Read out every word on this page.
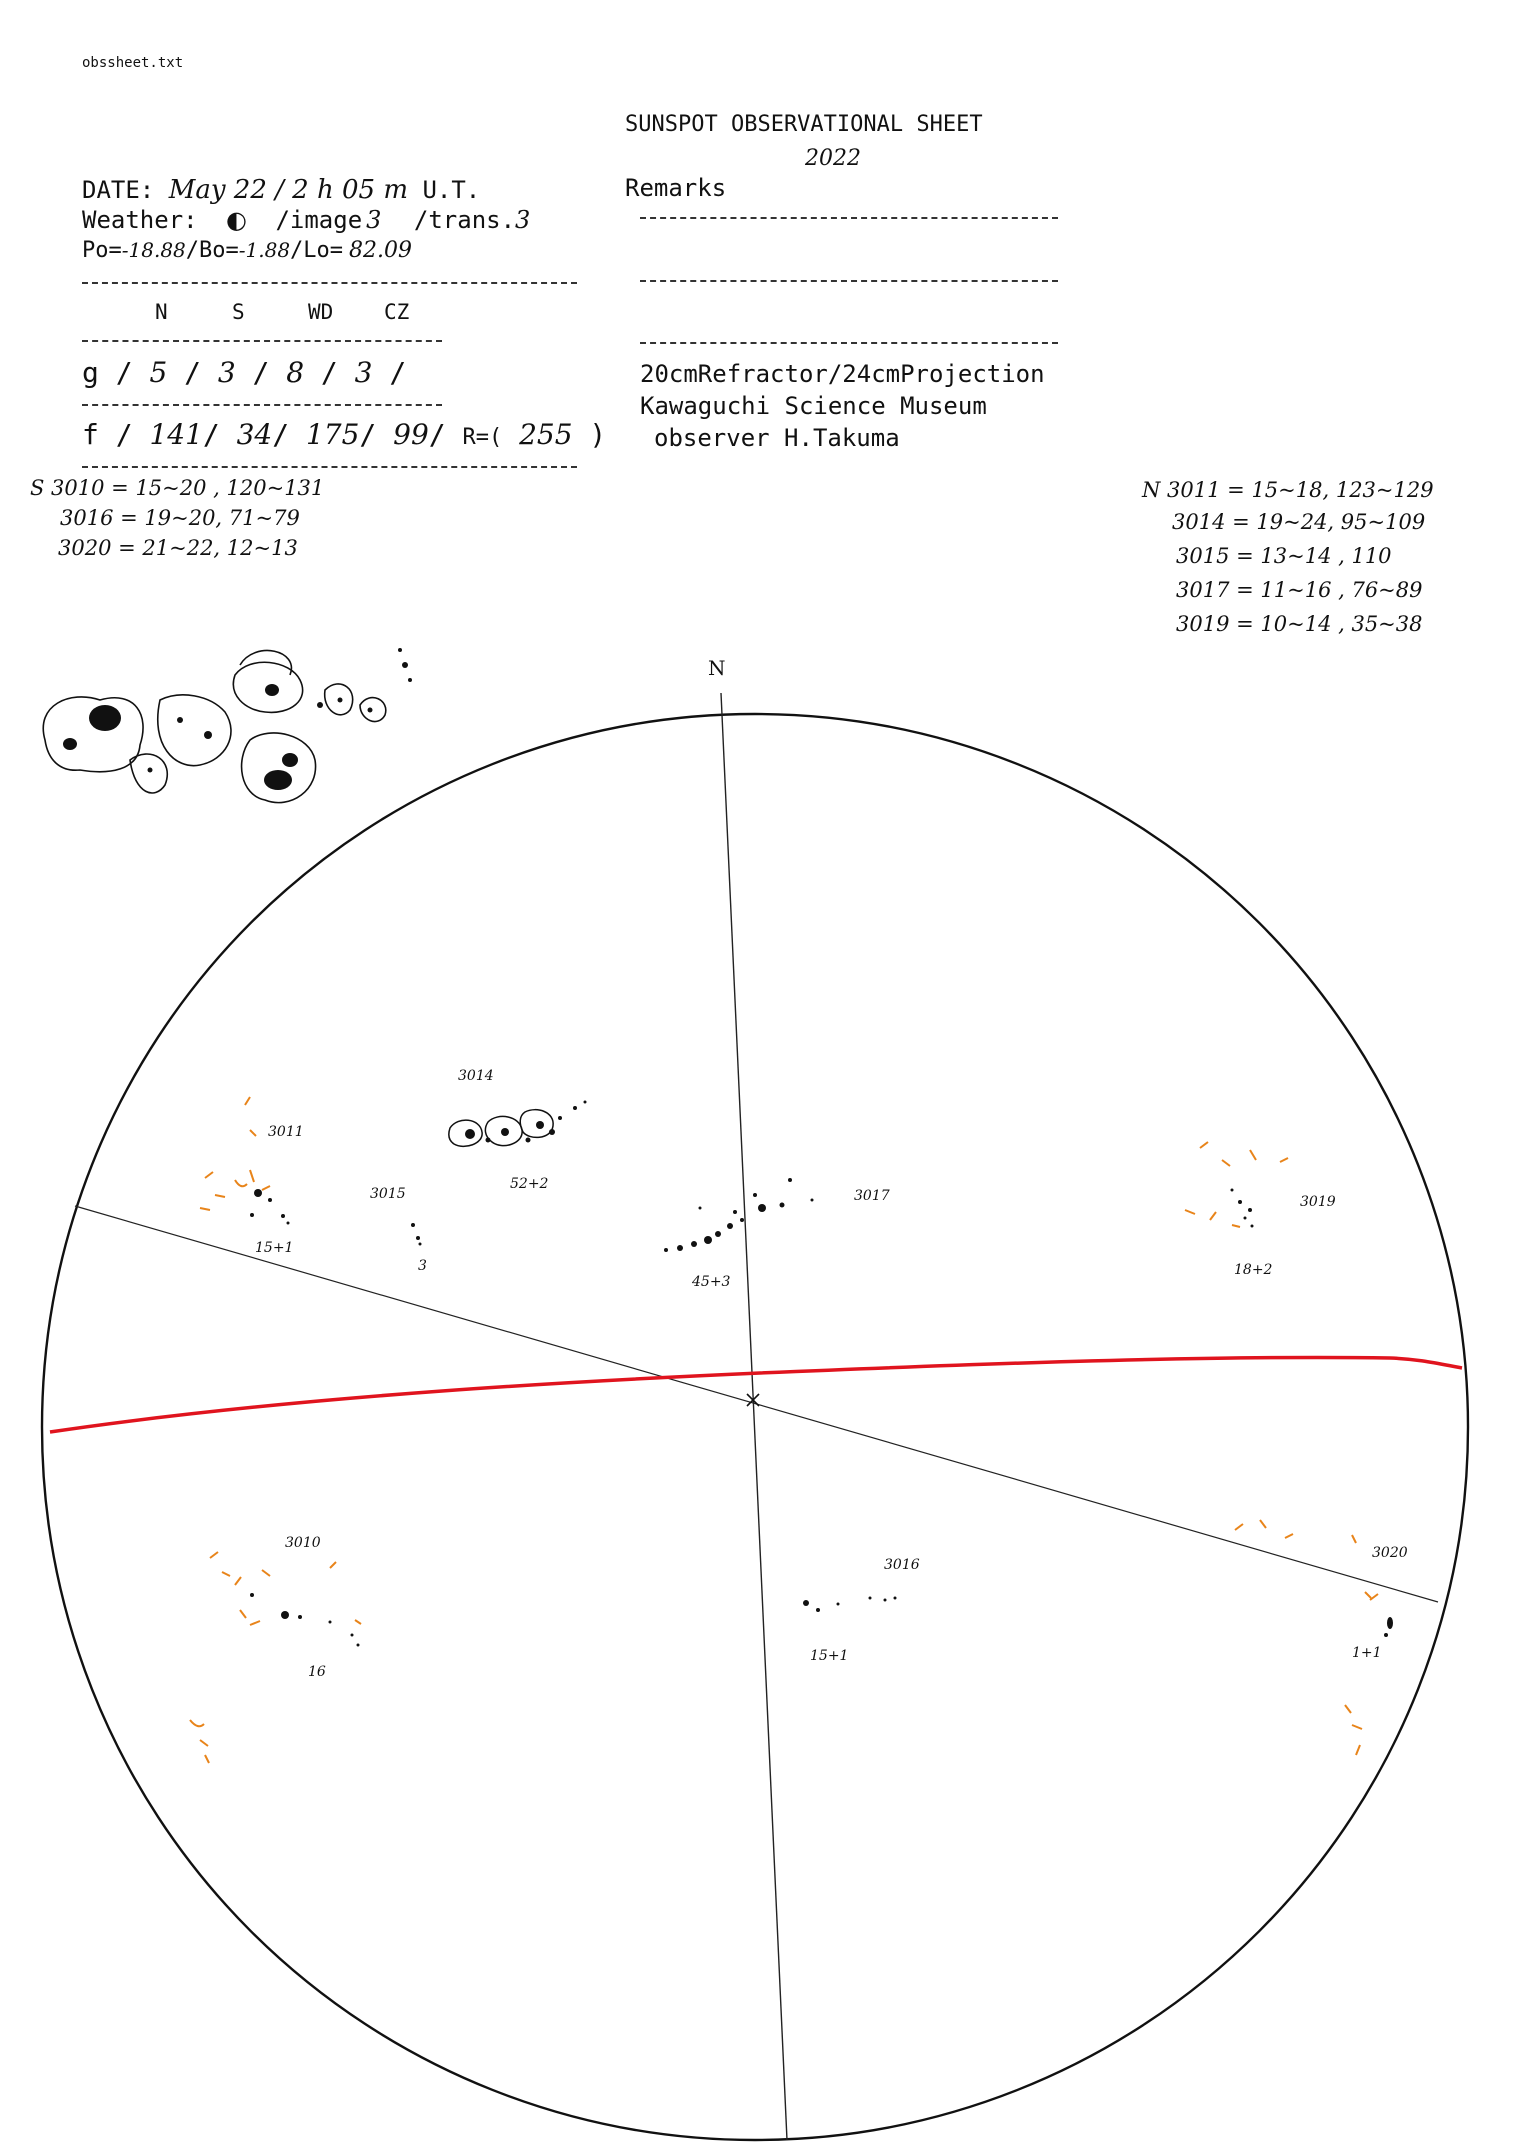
obssheet.txt
SUNSPOT OBSERVATIONAL SHEET
2022
DATE: May 22 / 2 h 05 m U.T.
Weather: ◐ /image 3 /trans.3
Po=-18.88/Bo=-1.88/Lo= 82.09
N	S	WD CZ
g / 5 / 3 / 8 / 3 /
f / 141/ 34/ 175/ 99/ R=( 255 )
Remarks
20cmRefractor/24cmProjection
Kawaguchi Science Museum
observer H.Takuma
S 3010 = 15~20 , 120~131
3016 = 19~20, 71~79
3020 = 21~22, 12~13
N 3011 = 15~18, 123~129
3014 = 19~24, 95~109
3015 = 13~14 , 110
3017 = 11~16 , 76~89
3019 = 10~14 , 35~38
N
3014
52+2
3011
15+1
3015
3
3017
45+3
3019
18+2
3010
16
3016
15+1
3020
1+1
